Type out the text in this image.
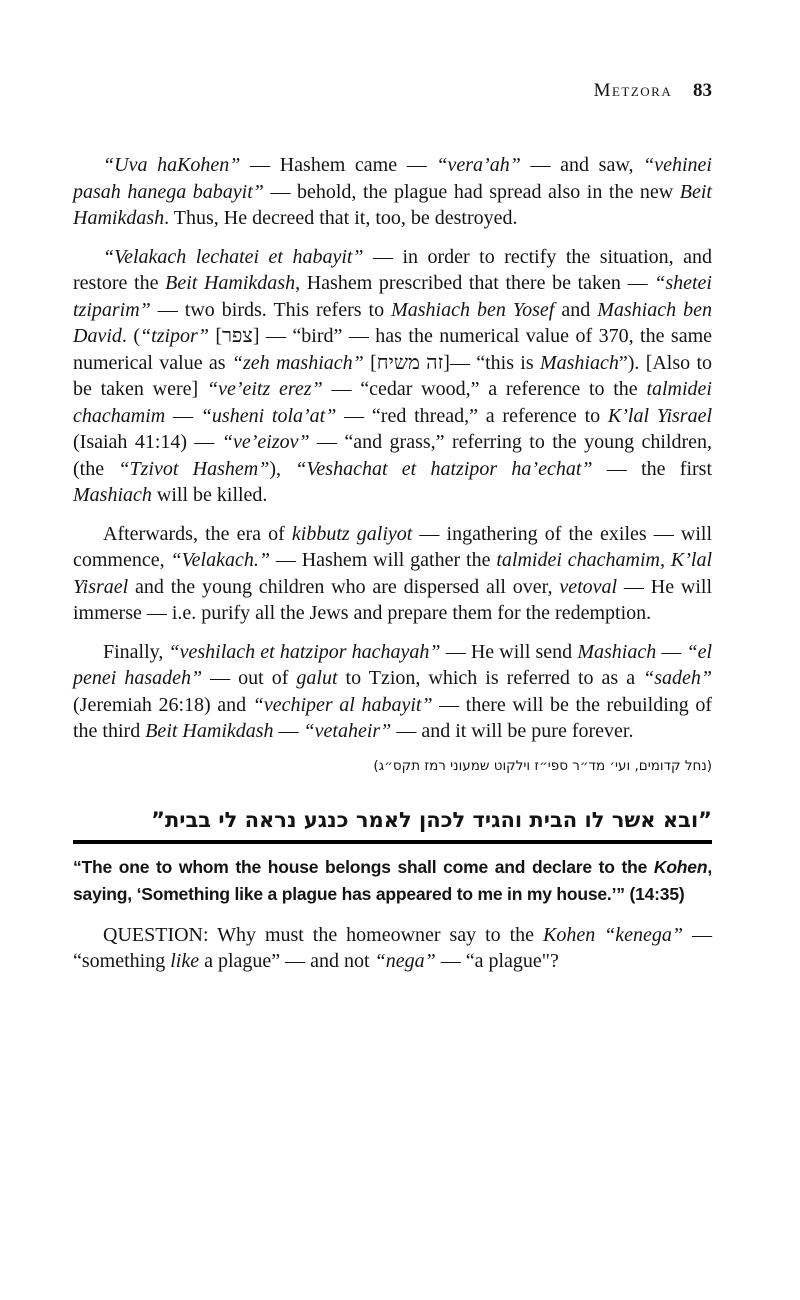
Metzora 83

“Uva haKohen” — Hashem came — “vera’ah” — and saw, “vehinei pasah hanega babayit” — behold, the plague had spread also in the new Beit Hamikdash. Thus, He decreed that it, too, be destroyed.

“Velakach lechatei et habayit” — in order to rectify the situation, and restore the Beit Hamikdash, Hashem prescribed that there be taken — “shetei tziparim” — two birds. This refers to Mashiach ben Yosef and Mashiach ben David. (“tzipor” [צפר] — “bird” — has the numerical value of 370, the same numerical value as “zeh mashiach” [זה משיח]— “this is Mashiach”). [Also to be taken were] “ve’eitz erez” — “cedar wood,” a reference to the talmidei chachamim — “usheni tola’at” — “red thread,” a reference to K’lal Yisrael (Isaiah 41:14) — “ve’eizov” — “and grass,” referring to the young children, (the “Tzivot Hashem”), “Veshachat et hatzipor ha’echat” — the first Mashiach will be killed.

Afterwards, the era of kibbutz galiyot — ingathering of the exiles — will commence, “Velakach.” — Hashem will gather the talmidei chachamim, K’lal Yisrael and the young children who are dispersed all over, vetoval — He will immerse — i.e. purify all the Jews and prepare them for the redemption.

Finally, “veshilach et hatzipor hachayah” — He will send Mashiach — “el penei hasadeh” — out of galut to Tzion, which is referred to as a “sadeh” (Jeremiah 26:18) and “vechiper al habayit” — there will be the rebuilding of the third Beit Hamikdash — “vetaheir” — and it will be pure forever.

(נחל קדומים, ועי׳ מד״ר ספי״ז וילקוט שמעוני רמז תקס״ג)

”ובא אשר לו הבית והגיד לכהן לאמר כנגע נראה לי בבית”

“The one to whom the house belongs shall come and declare to the Kohen, saying, ‘Something like a plague has appeared to me in my house.’” (14:35)

QUESTION: Why must the homeowner say to the Kohen “kenega” — “something like a plague” — and not “nega” — “a plague"?
